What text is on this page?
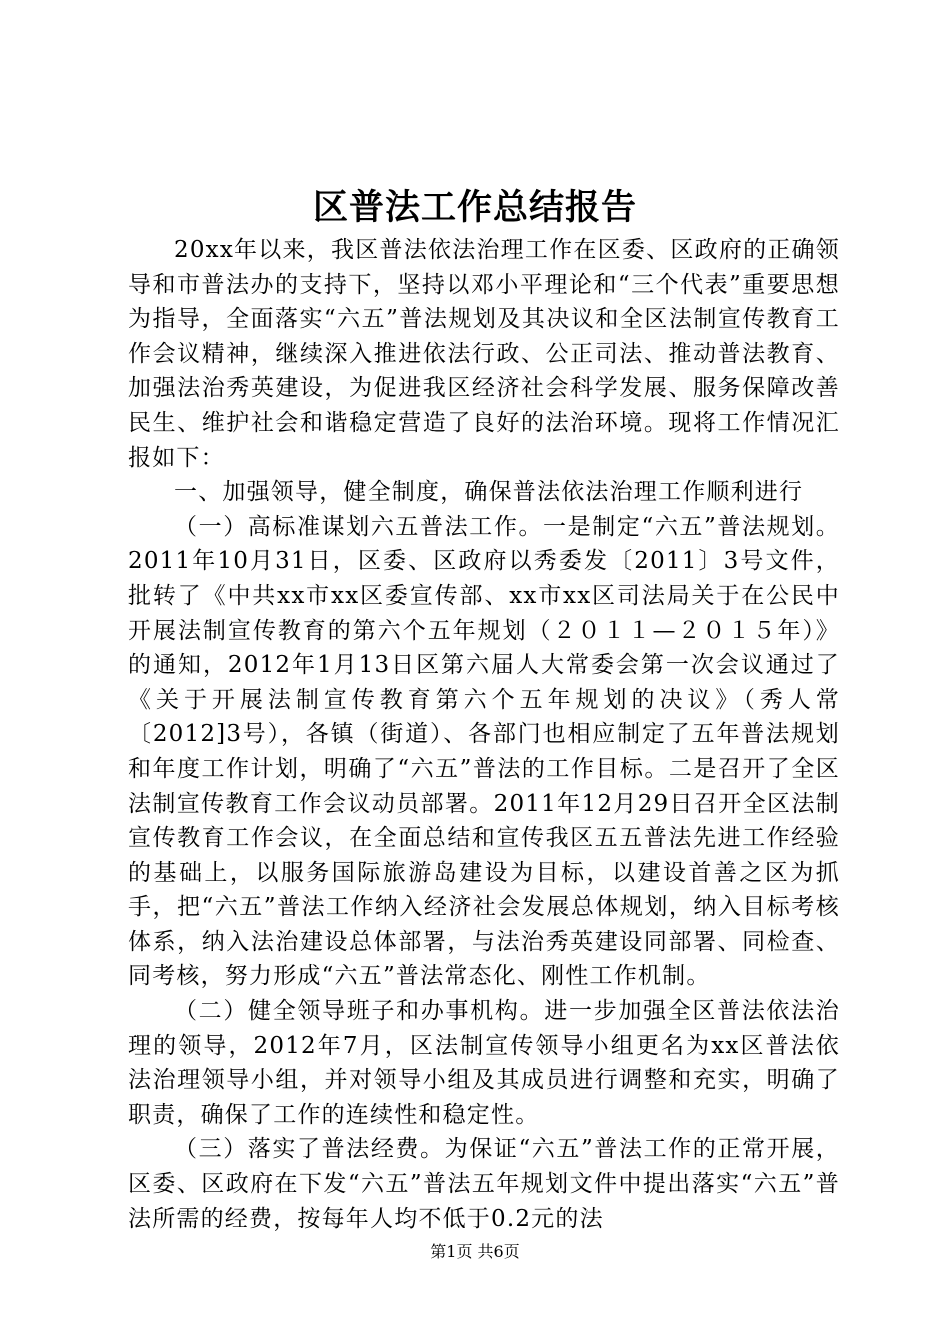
区普法工作总结报告

20xx年以来，我区普法依法治理工作在区委、区政府的正确领导和市普法办的支持下，坚持以邓小平理论和“三个代表”重要思想为指导，全面落实“六五”普法规划及其决议和全区法制宣传教育工作会议精神，继续深入推进依法行政、公正司法、推动普法教育、加强法治秀英建设，为促进我区经济社会科学发展、服务保障改善民生、维护社会和谐稳定营造了良好的法治环境。现将工作情况汇报如下：

一、加强领导，健全制度，确保普法依法治理工作顺利进行

（一）高标准谋划六五普法工作。一是制定“六五”普法规划。2011年10月31日，区委、区政府以秀委发〔2011〕3号文件，批转了《中共xx市xx区委宣传部、xx市xx区司法局关于在公民中开展法制宣传教育的第六个五年规划（２０１１—２０１５年）》的通知，2012年1月13日区第六届人大常委会第一次会议通过了《关于开展法制宣传教育第六个五年规划的决议》（秀人常〔2012]3号），各镇（街道）、各部门也相应制定了五年普法规划和年度工作计划，明确了“六五”普法的工作目标。二是召开了全区法制宣传教育工作会议动员部署。2011年12月29日召开全区法制宣传教育工作会议，在全面总结和宣传我区五五普法先进工作经验的基础上，以服务国际旅游岛建设为目标，以建设首善之区为抓手，把“六五”普法工作纳入经济社会发展总体规划，纳入目标考核体系，纳入法治建设总体部署，与法治秀英建设同部署、同检查、同考核，努力形成“六五”普法常态化、刚性工作机制。

（二）健全领导班子和办事机构。进一步加强全区普法依法治理的领导，2012年7月，区法制宣传领导小组更名为xx区普法依法治理领导小组，并对领导小组及其成员进行调整和充实，明确了职责，确保了工作的连续性和稳定性。

（三）落实了普法经费。为保证“六五”普法工作的正常开展，区委、区政府在下发“六五”普法五年规划文件中提出落实“六五”普法所需的经费，按每年人均不低于0.2元的法

第1页 共6页
